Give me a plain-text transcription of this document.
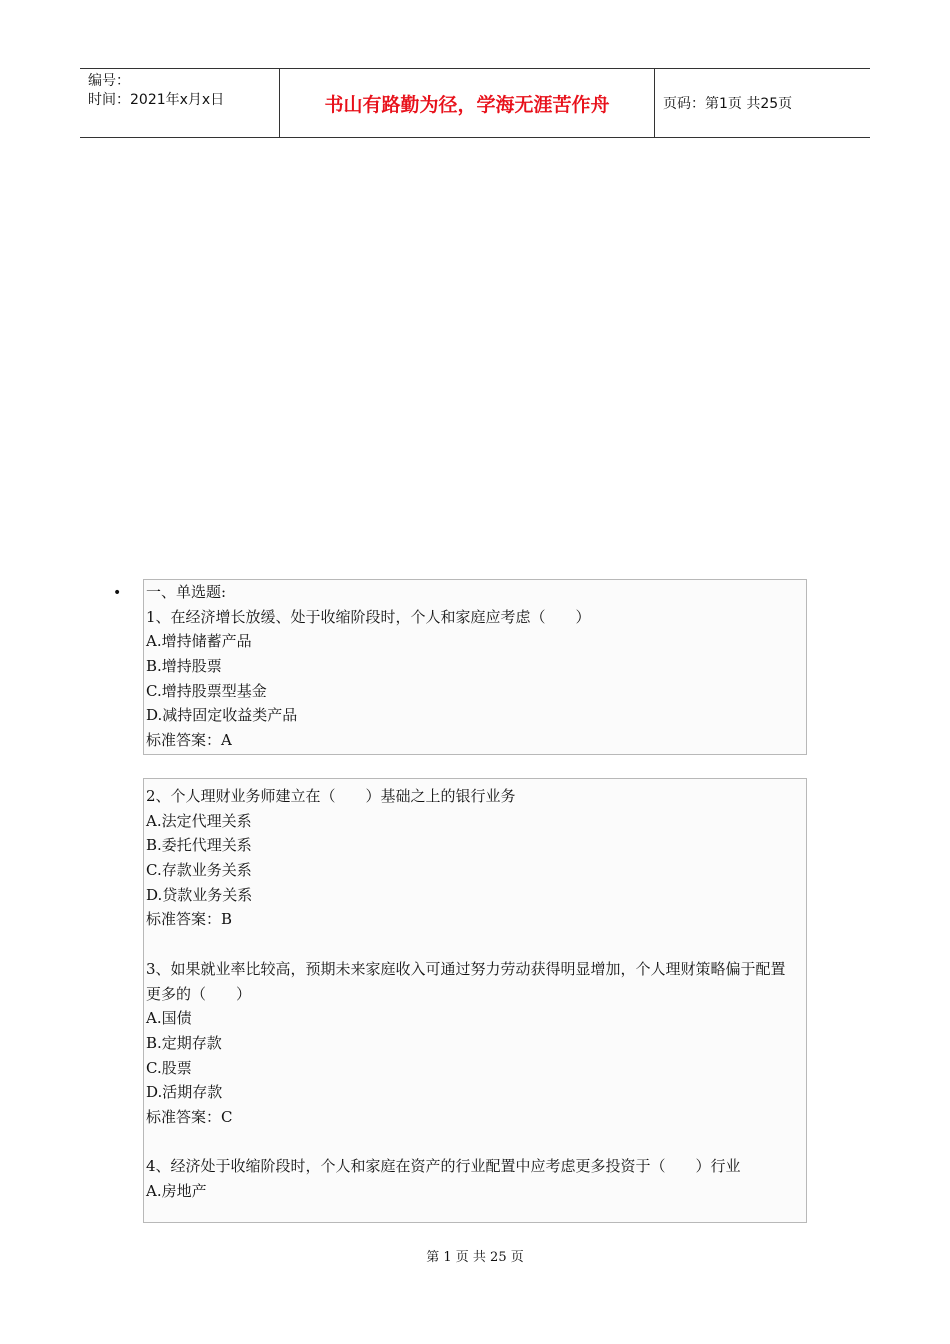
编号：
时间：2021年x月x日	书山有路勤为径，学海无涯苦作舟	页码：第1页 共25页
• 一、单选题:
1、在经济增长放缓、处于收缩阶段时，个人和家庭应考虑（　　）
A.增持储蓄产品
B.增持股票
C.增持股票型基金
D.减持固定收益类产品
标准答案：A
2、个人理财业务师建立在（　　）基础之上的银行业务
A.法定代理关系
B.委托代理关系
C.存款业务关系
D.贷款业务关系
标准答案：B
3、如果就业率比较高，预期未来家庭收入可通过努力劳动获得明显增加，个人理财策略偏于配置更多的（　　）
A.国债
B.定期存款
C.股票
D.活期存款
标准答案：C
4、经济处于收缩阶段时，个人和家庭在资产的行业配置中应考虑更多投资于（　　）行业
A.房地产
第 1 页 共 25 页
